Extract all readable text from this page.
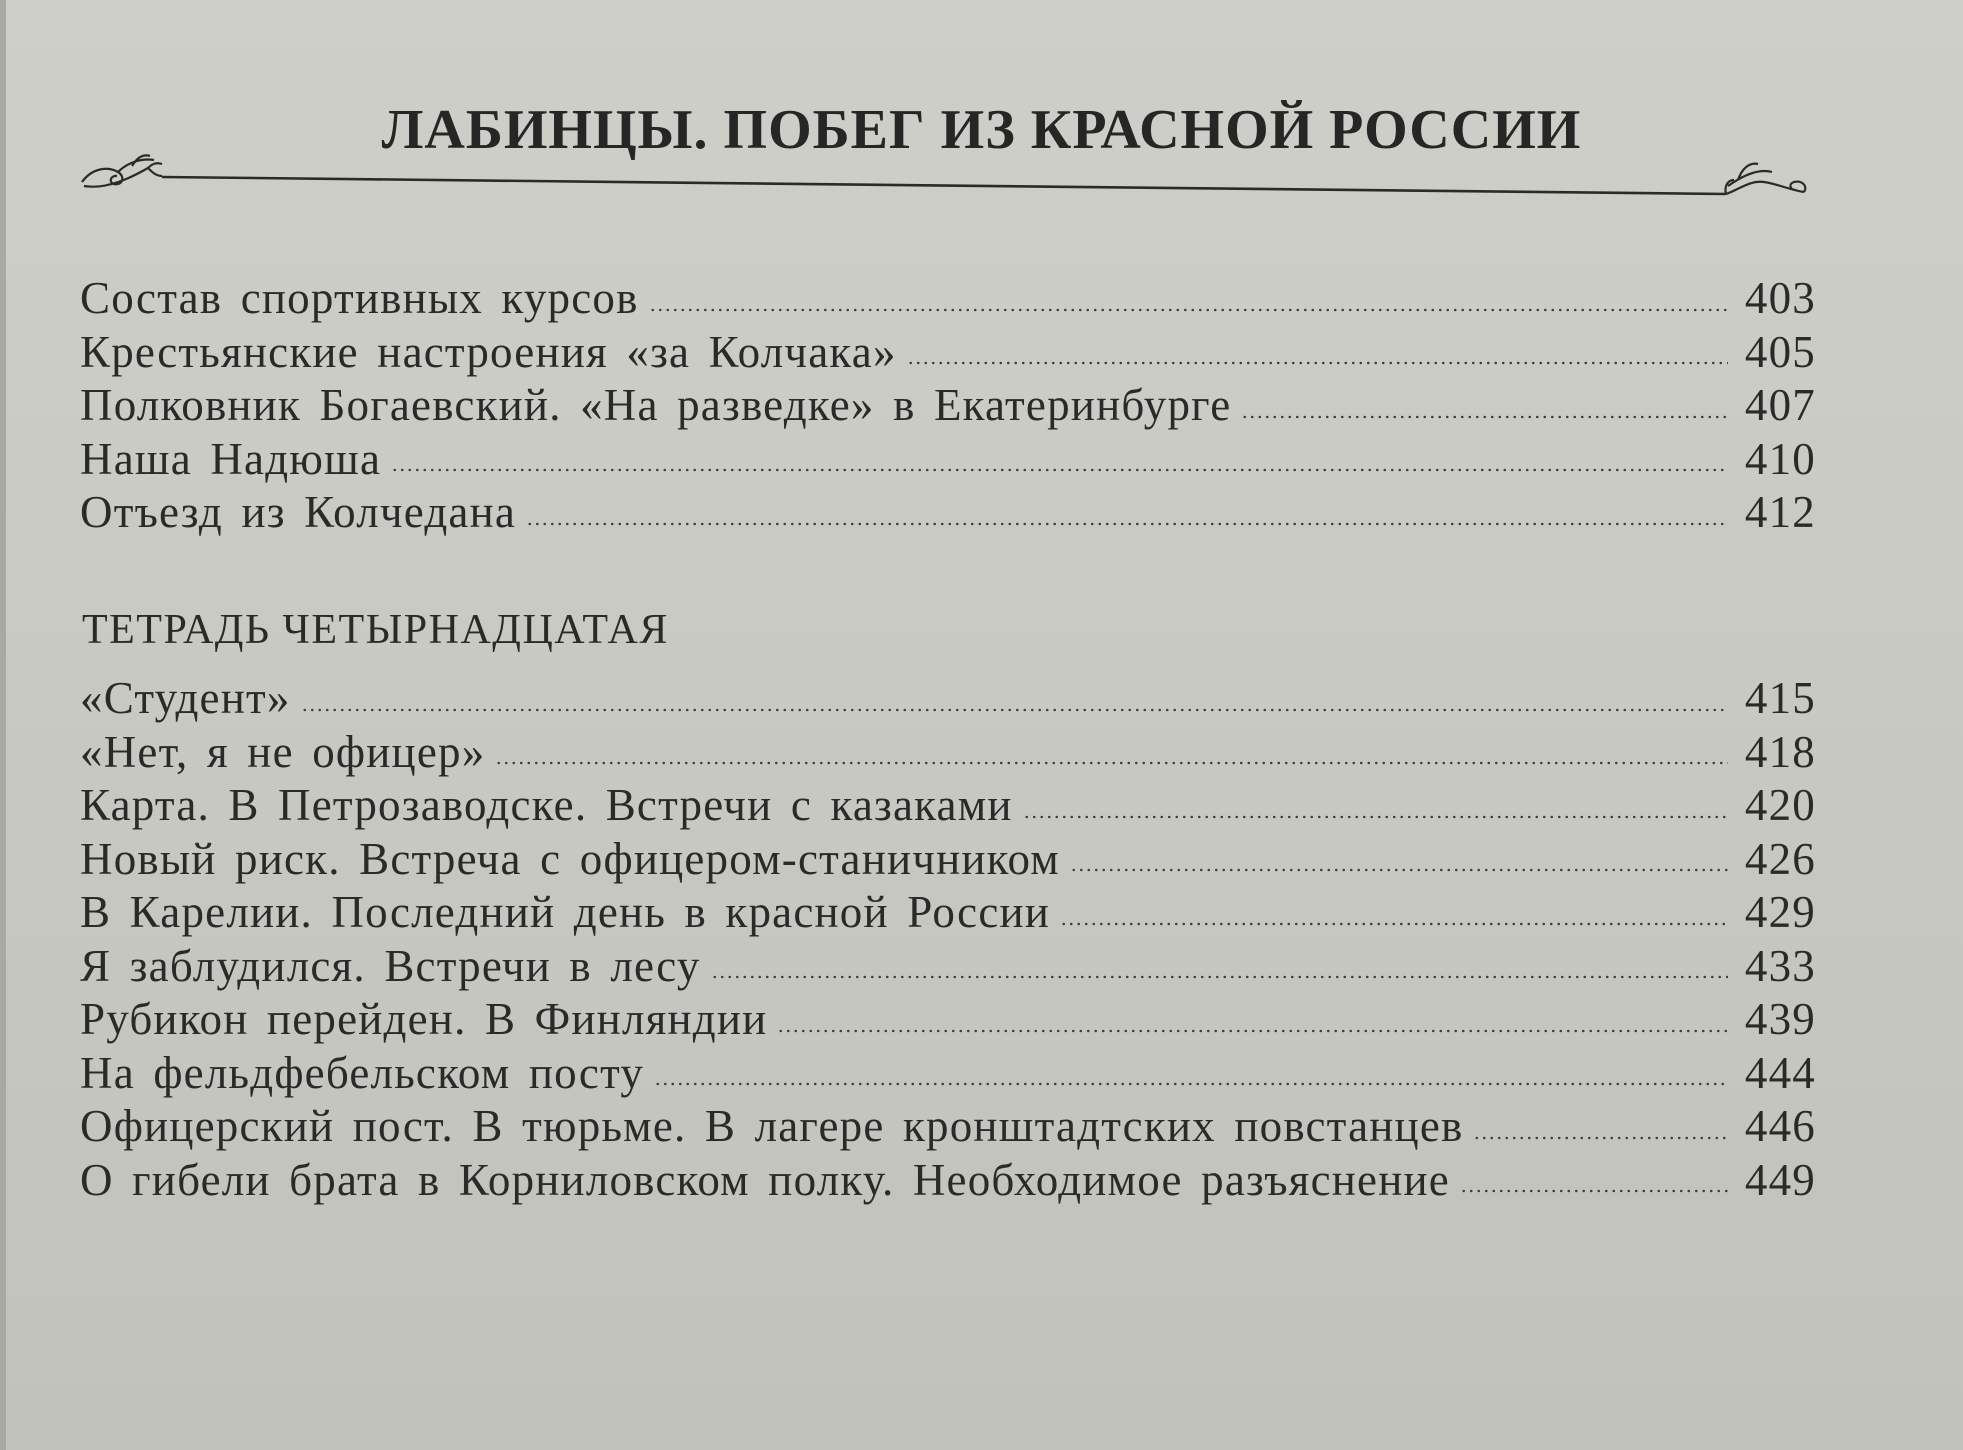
ЛАБИНЦЫ. ПОБЕГ ИЗ КРАСНОЙ РОССИИ
Состав спортивных курсов	403
Крестьянские настроения «за Колчака»	405
Полковник Богаевский. «На разведке» в Екатеринбурге	407
Наша Надюша	410
Отъезд из Колчедана	412
ТЕТРАДЬ ЧЕТЫРНАДЦАТАЯ
«Студент»	415
«Нет, я не офицер»	418
Карта. В Петрозаводске. Встречи с казаками	420
Новый риск. Встреча с офицером-станичником	426
В Карелии. Последний день в красной России	429
Я заблудился. Встречи в лесу	433
Рубикон перейден. В Финляндии	439
На фельдфебельском посту	444
Офицерский пост. В тюрьме. В лагере кронштадтских повстанцев	446
О гибели брата в Корниловском полку. Необходимое разъяснение	449
